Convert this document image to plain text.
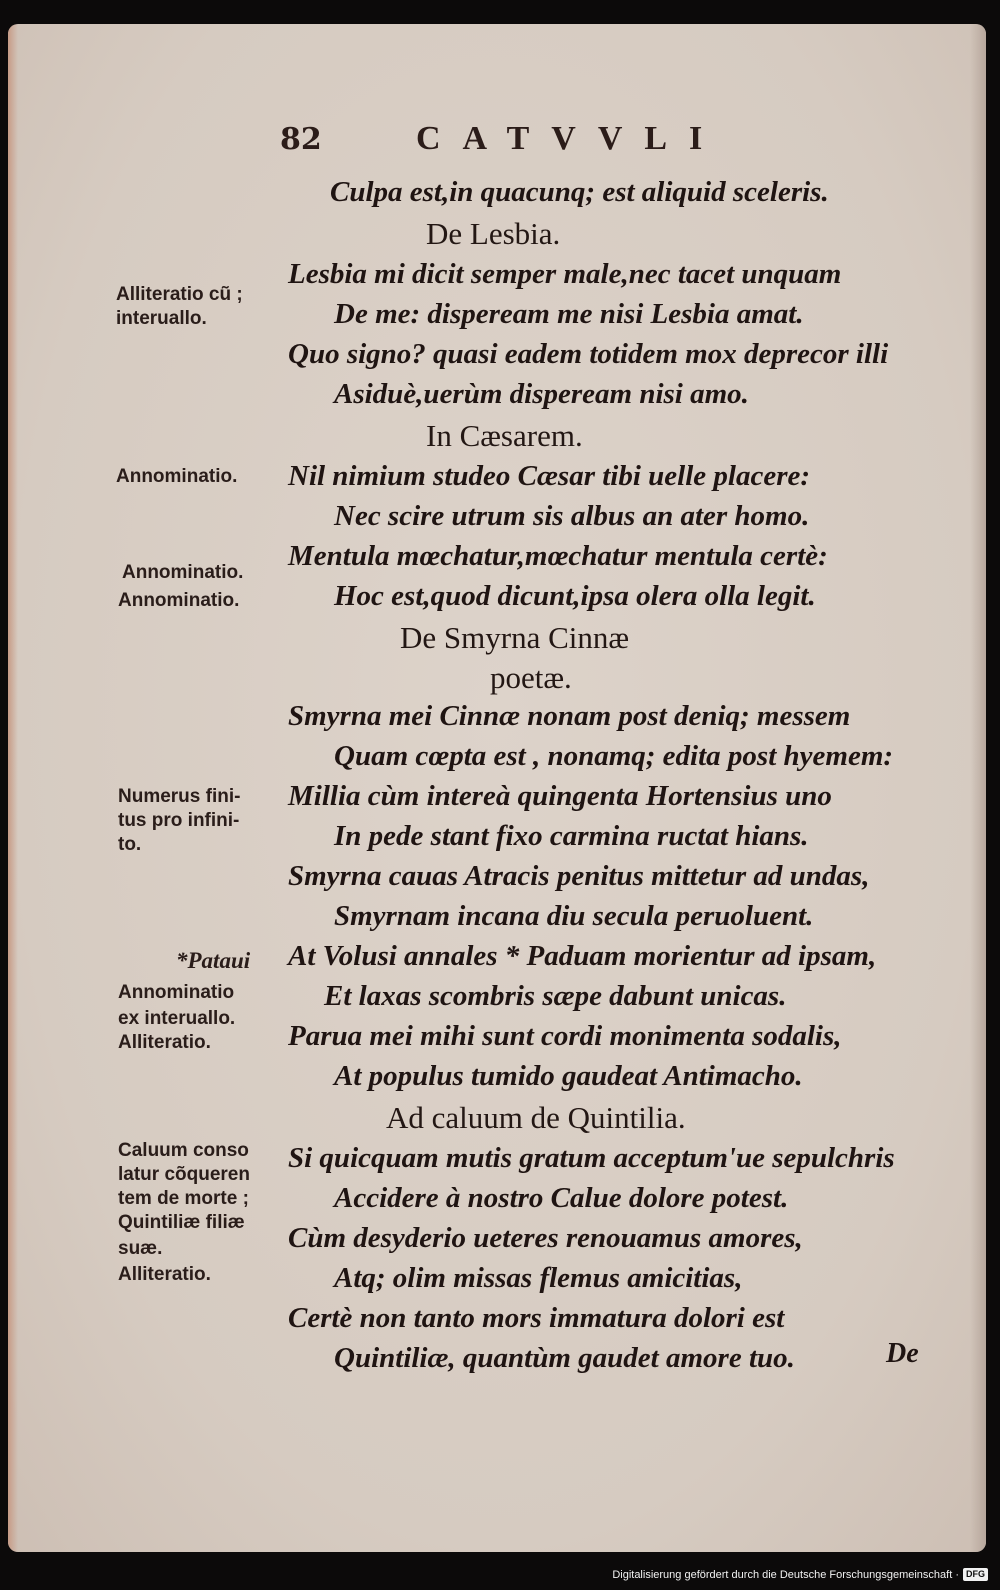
82	CATVVLI
Culpa est,in quacunq; est aliquid sceleris.
De Lesbia.
Lesbia mi dicit semper male,nec tacet unquam
De me: dispeream me nisi Lesbia amat.
Quo signo? quasi eadem totidem mox deprecor illi
Asiduè,uerùm dispeream nisi amo.
In Cæsarem.
Nil nimium studeo Cæsar tibi uelle placere:
Nec scire utrum sis albus an ater homo.
Mentula mœchatur,mœchatur mentula certè:
Hoc est,quod dicunt,ipsa olera olla legit.
De Smyrna Cinnæ
poetæ.
Smyrna mei Cinnæ nonam post deniq; messem
Quam cœpta est , nonamq; edita post hyemem:
Millia cùm intereà quingenta Hortensius uno
In pede stant fixo carmina ructat hians.
Smyrna cauas Atracis penitus mittetur ad undas,
Smyrnam incana diu secula peruoluent.
At Volusi annales * Paduam morientur ad ipsam,
Et laxas scombris sæpe dabunt unicas.
Parua mei mihi sunt cordi monimenta sodalis,
At populus tumido gaudeat Antimacho.
Ad caluum de Quintilia.
Si quicquam mutis gratum acceptum'ue sepulchris
Accidere à nostro Calue dolore potest.
Cùm desyderio ueteres renouamus amores,
Atq; olim missas flemus amicitias,
Certè non tanto mors immatura dolori est
Quintiliæ, quantùm gaudet amore tuo.
Alliteratio cũ ;
interuallo.
Annominatio.
Annominatio.
Annominatio.
Numerus fini-
tus pro infini-
to.
*Pataui
Annominatio
ex interuallo.
Alliteratio.
Caluum conso
latur cõqueren
tem de morte ;
Quintiliæ filiæ
suæ.
Alliteratio.
De
Digitalisierung gefördert durch die Deutsche Forschungsgemeinschaft · DFG
